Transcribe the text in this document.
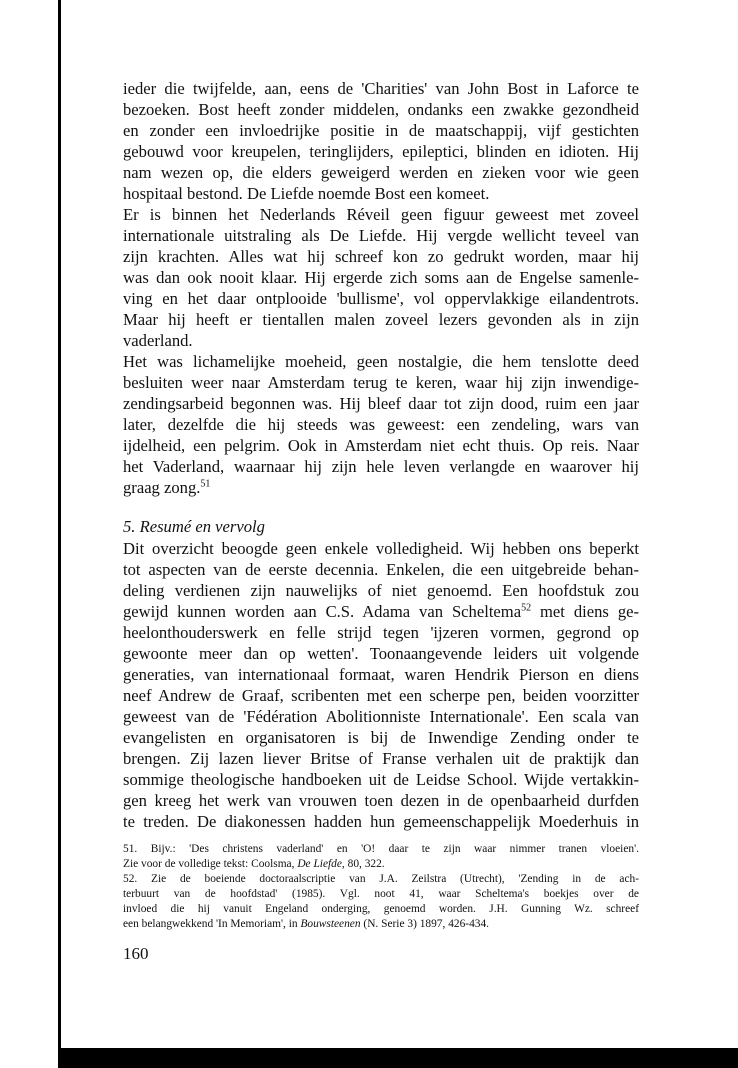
ieder die twijfelde, aan, eens de 'Charities' van John Bost in Laforce te
bezoeken. Bost heeft zonder middelen, ondanks een zwakke gezondheid
en zonder een invloedrijke positie in de maatschappij, vijf gestichten
gebouwd voor kreupelen, teringlijders, epileptici, blinden en idioten. Hij
nam wezen op, die elders geweigerd werden en zieken voor wie geen
hospitaal bestond. De Liefde noemde Bost een komeet.
Er is binnen het Nederlands Réveil geen figuur geweest met zoveel
internationale uitstraling als De Liefde. Hij vergde wellicht teveel van
zijn krachten. Alles wat hij schreef kon zo gedrukt worden, maar hij
was dan ook nooit klaar. Hij ergerde zich soms aan de Engelse samenle-
ving en het daar ontplooide 'bullisme', vol oppervlakkige eilandentrots.
Maar hij heeft er tientallen malen zoveel lezers gevonden als in zijn
vaderland.
Het was lichamelijke moeheid, geen nostalgie, die hem tenslotte deed
besluiten weer naar Amsterdam terug te keren, waar hij zijn inwendige-
zendingsarbeid begonnen was. Hij bleef daar tot zijn dood, ruim een jaar
later, dezelfde die hij steeds was geweest: een zendeling, wars van
ijdelheid, een pelgrim. Ook in Amsterdam niet echt thuis. Op reis. Naar
het Vaderland, waarnaar hij zijn hele leven verlangde en waarover hij
graag zong.$^{51}$
5. Resumé en vervolg
Dit overzicht beoogde geen enkele volledigheid. Wij hebben ons beperkt
tot aspecten van de eerste decennia. Enkelen, die een uitgebreide behan-
deling verdienen zijn nauwelijks of niet genoemd. Een hoofdstuk zou
gewijd kunnen worden aan C.S. Adama van Scheltema$^{52}$ met diens ge-
heelonthouderswerk en felle strijd tegen 'ijzeren vormen, gegrond op
gewoonte meer dan op wetten'. Toonaangevende leiders uit volgende
generaties, van internationaal formaat, waren Hendrik Pierson en diens
neef Andrew de Graaf, scribenten met een scherpe pen, beiden voorzitter
geweest van de 'Fédération Abolitionniste Internationale'. Een scala van
evangelisten en organisatoren is bij de Inwendige Zending onder te
brengen. Zij lazen liever Britse of Franse verhalen uit de praktijk dan
sommige theologische handboeken uit de Leidse School. Wijde vertakkin-
gen kreeg het werk van vrouwen toen dezen in de openbaarheid durfden
te treden. De diakonessen hadden hun gemeenschappelijk Moederhuis in
51. Bijv.: 'Des christens vaderland' en 'O! daar te zijn waar nimmer tranen vloeien'.
Zie voor de volledige tekst: Coolsma, De Liefde, 80, 322.
52. Zie de boeiende doctoraalscriptie van J.A. Zeilstra (Utrecht), 'Zending in de ach-
terbuurt van de hoofdstad' (1985). Vgl. noot 41, waar Scheltema's boekjes over de
invloed die hij vanuit Engeland onderging, genoemd worden. J.H. Gunning Wz. schreef
een belangwekkend 'In Memoriam', in Bouwsteenen (N. Serie 3) 1897, 426-434.
160
